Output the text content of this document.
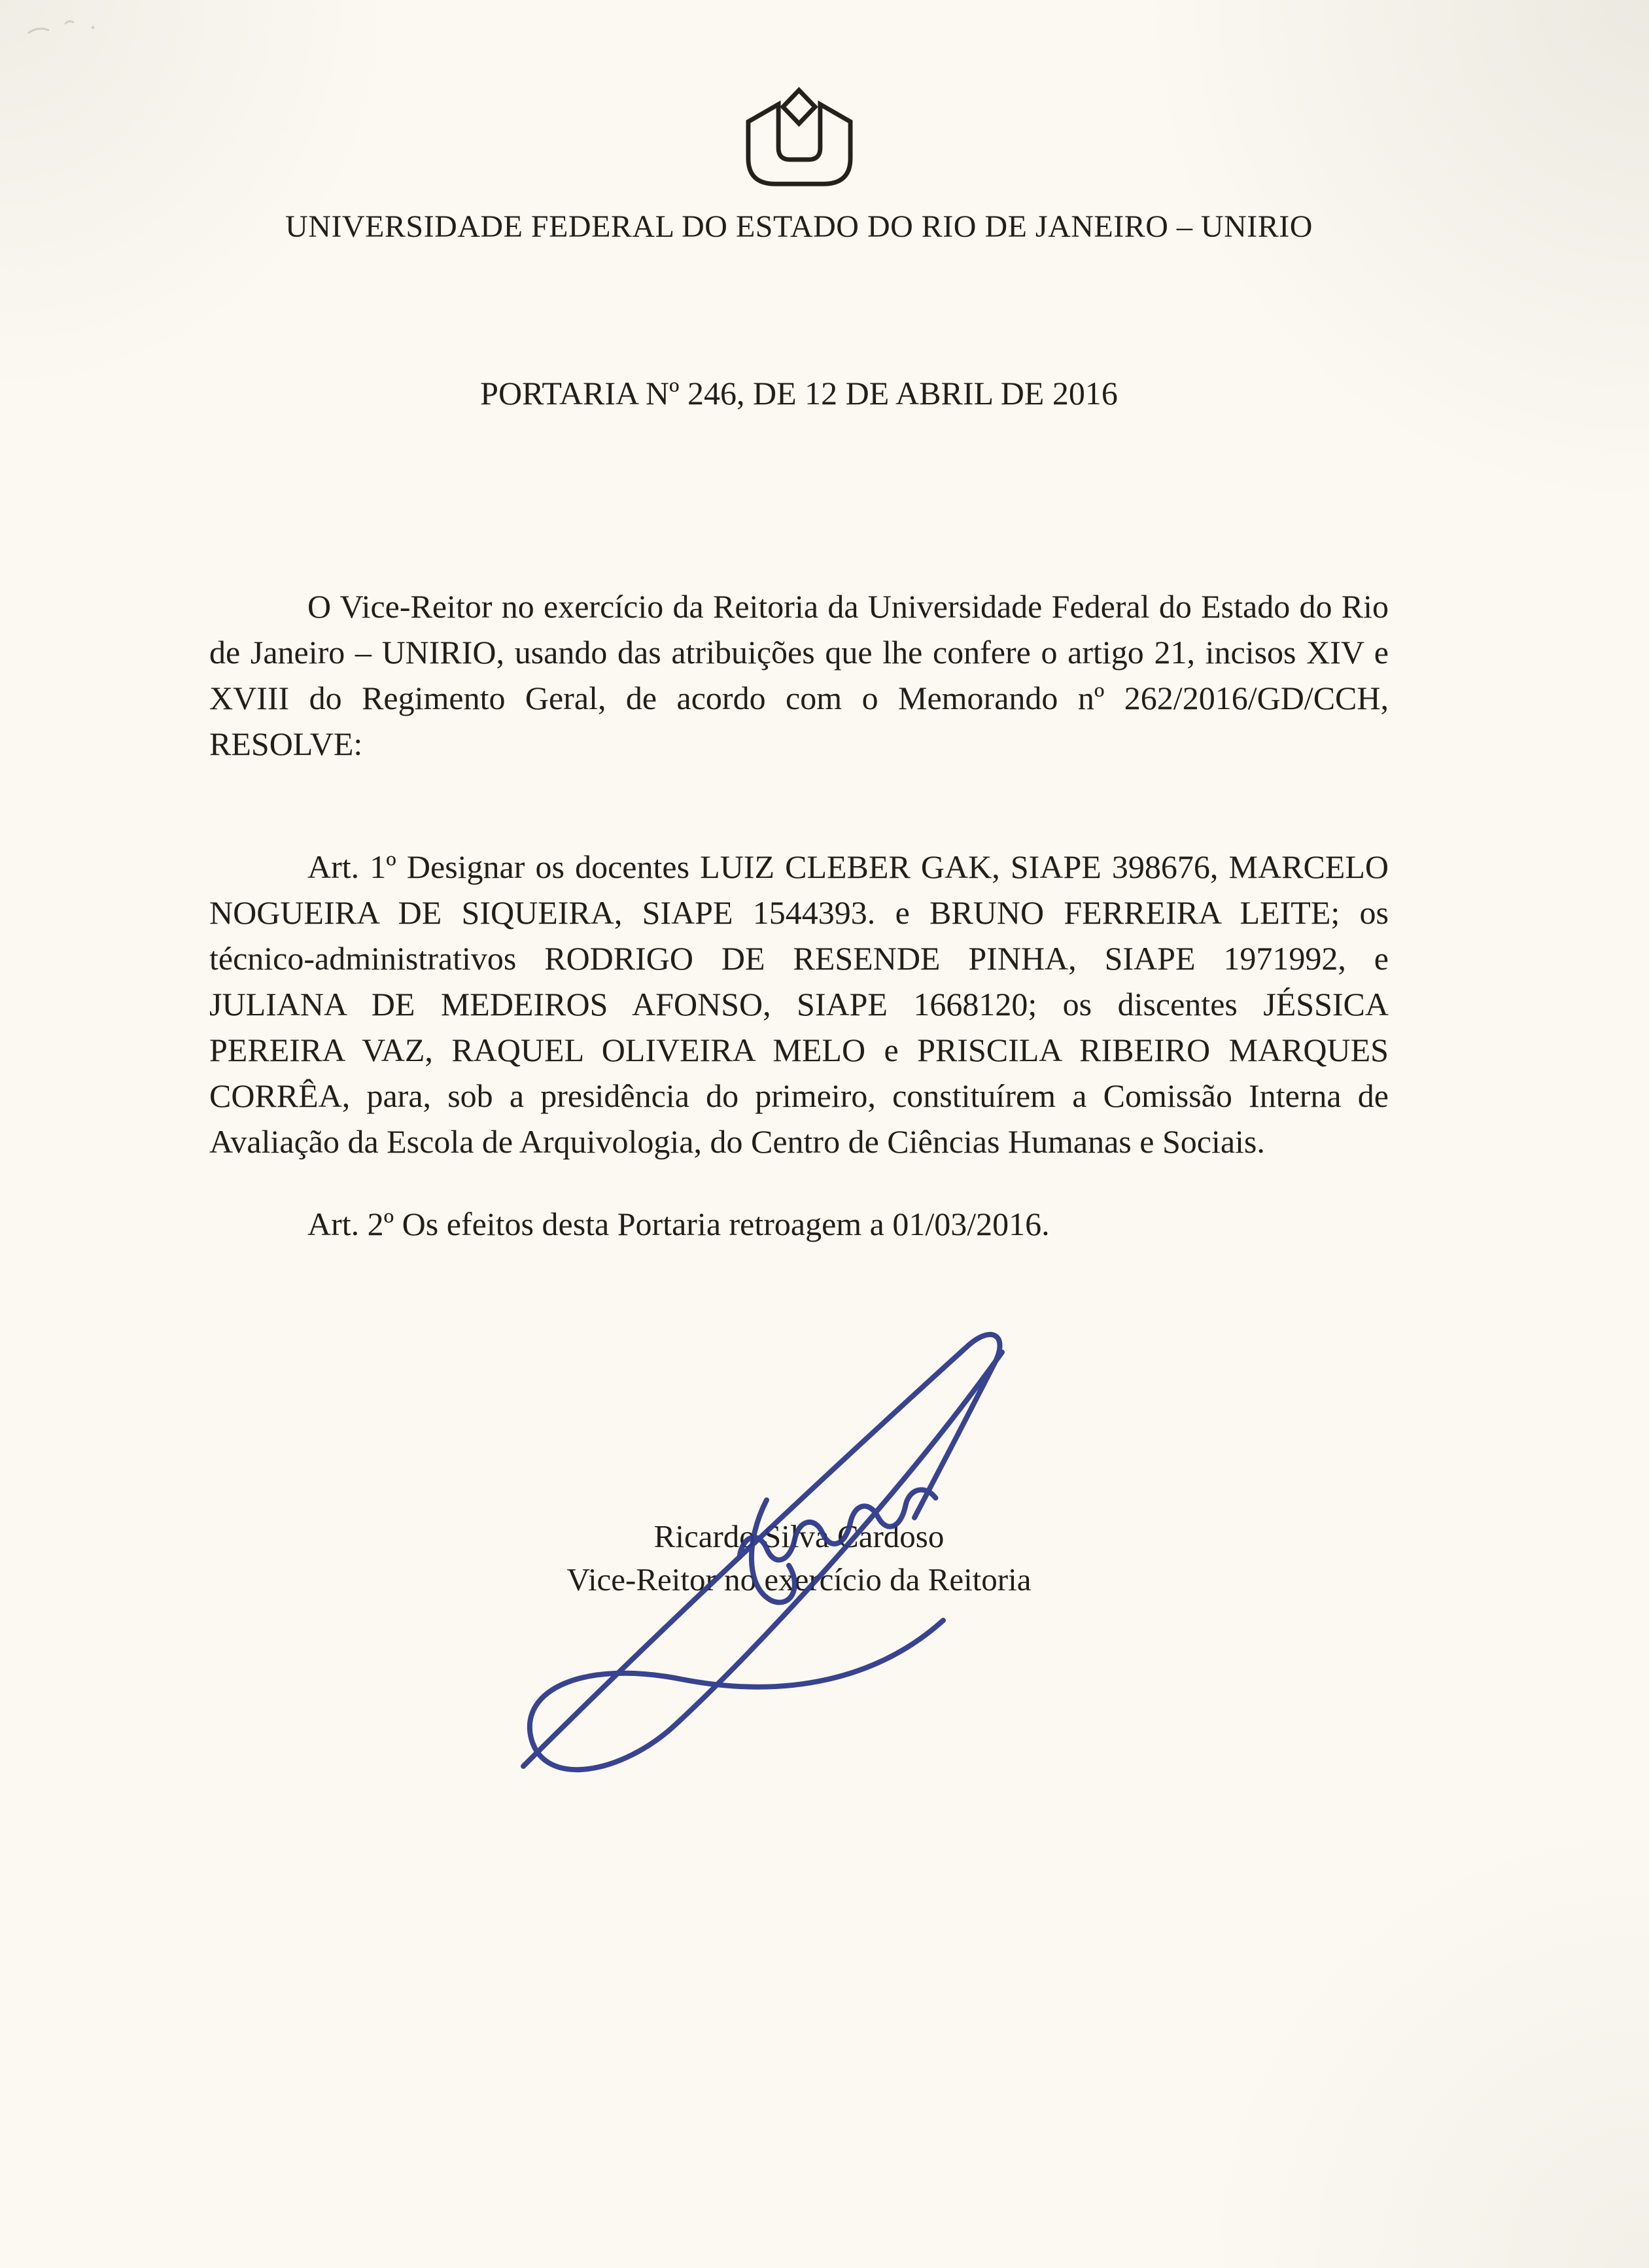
UNIVERSIDADE FEDERAL DO ESTADO DO RIO DE JANEIRO – UNIRIO
PORTARIA Nº 246, DE 12 DE ABRIL DE 2016

O Vice-Reitor no exercício da Reitoria da Universidade Federal do Estado do Rio de Janeiro – UNIRIO, usando das atribuições que lhe confere o artigo 21, incisos XIV e XVIII do Regimento Geral, de acordo com o Memorando nº 262/2016/GD/CCH, RESOLVE:

Art. 1º Designar os docentes LUIZ CLEBER GAK, SIAPE 398676, MARCELO NOGUEIRA DE SIQUEIRA, SIAPE 1544393. e BRUNO FERREIRA LEITE; os técnico-administrativos RODRIGO DE RESENDE PINHA, SIAPE 1971992, e JULIANA DE MEDEIROS AFONSO, SIAPE 1668120; os discentes JÉSSICA PEREIRA VAZ, RAQUEL OLIVEIRA MELO e PRISCILA RIBEIRO MARQUES CORRÊA, para, sob a presidência do primeiro, constituírem a Comissão Interna de Avaliação da Escola de Arquivologia, do Centro de Ciências Humanas e Sociais.

Art. 2º Os efeitos desta Portaria retroagem a 01/03/2016.

Ricardo Silva Cardoso
Vice-Reitor no exercício da Reitoria
